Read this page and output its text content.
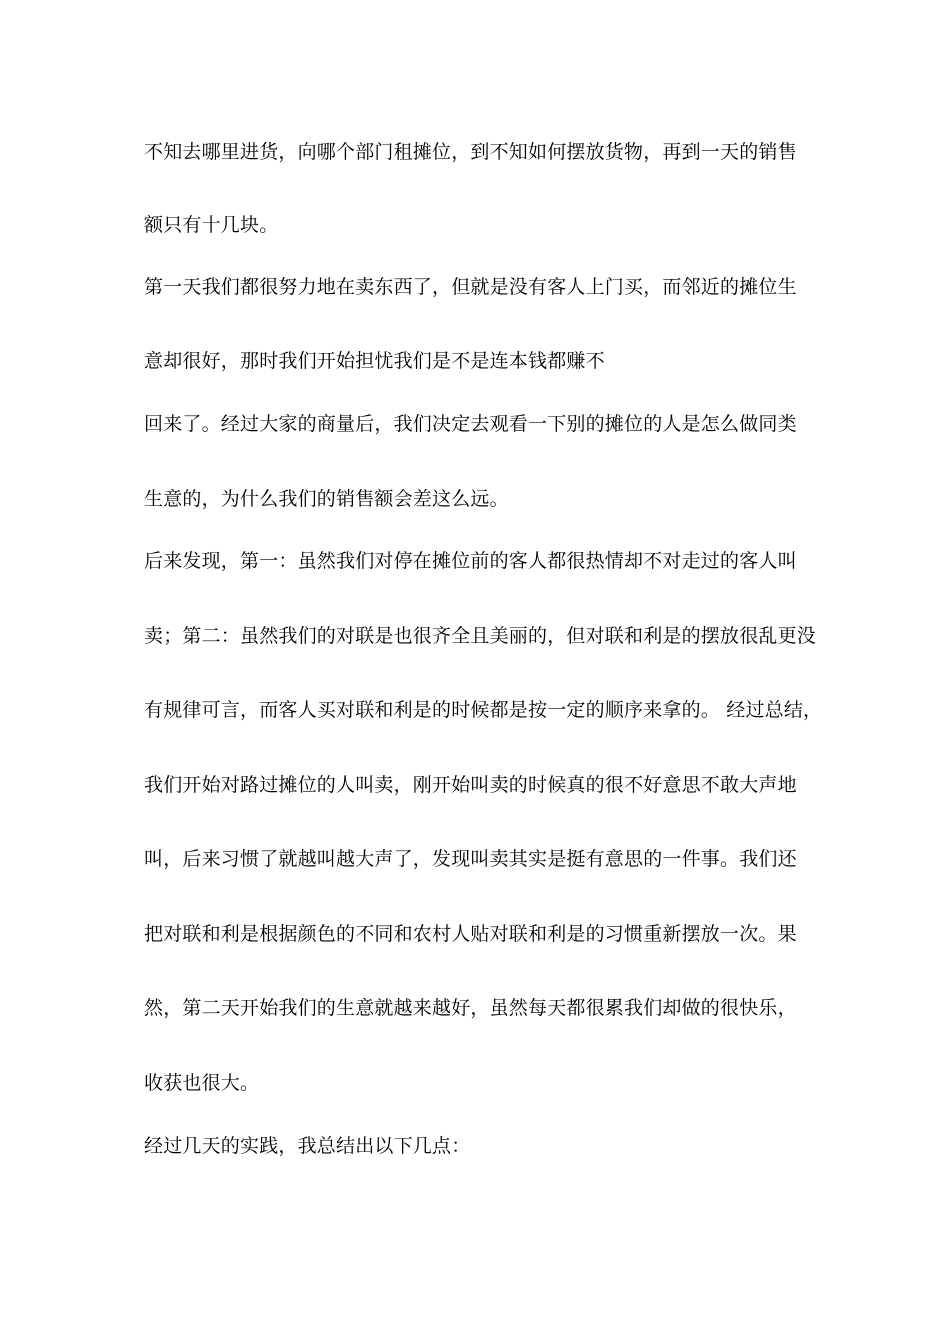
不知去哪里进货，向哪个部门租摊位，到不知如何摆放货物，再到一天的销售
额只有十几块。
第一天我们都很努力地在卖东西了，但就是没有客人上门买，而邻近的摊位生
意却很好，那时我们开始担忧我们是不是连本钱都赚不
回来了。经过大家的商量后，我们决定去观看一下别的摊位的人是怎么做同类
生意的，为什么我们的销售额会差这么远。
后来发现，第一：虽然我们对停在摊位前的客人都很热情却不对走过的客人叫
卖；第二：虽然我们的对联是也很齐全且美丽的，但对联和利是的摆放很乱更没
有规律可言，而客人买对联和利是的时候都是按一定的顺序来拿的。 经过总结，
我们开始对路过摊位的人叫卖，刚开始叫卖的时候真的很不好意思不敢大声地
叫，后来习惯了就越叫越大声了，发现叫卖其实是挺有意思的一件事。我们还
把对联和利是根据颜色的不同和农村人贴对联和利是的习惯重新摆放一次。果
然，第二天开始我们的生意就越来越好，虽然每天都很累我们却做的很快乐，
收获也很大。
经过几天的实践，我总结出以下几点：
